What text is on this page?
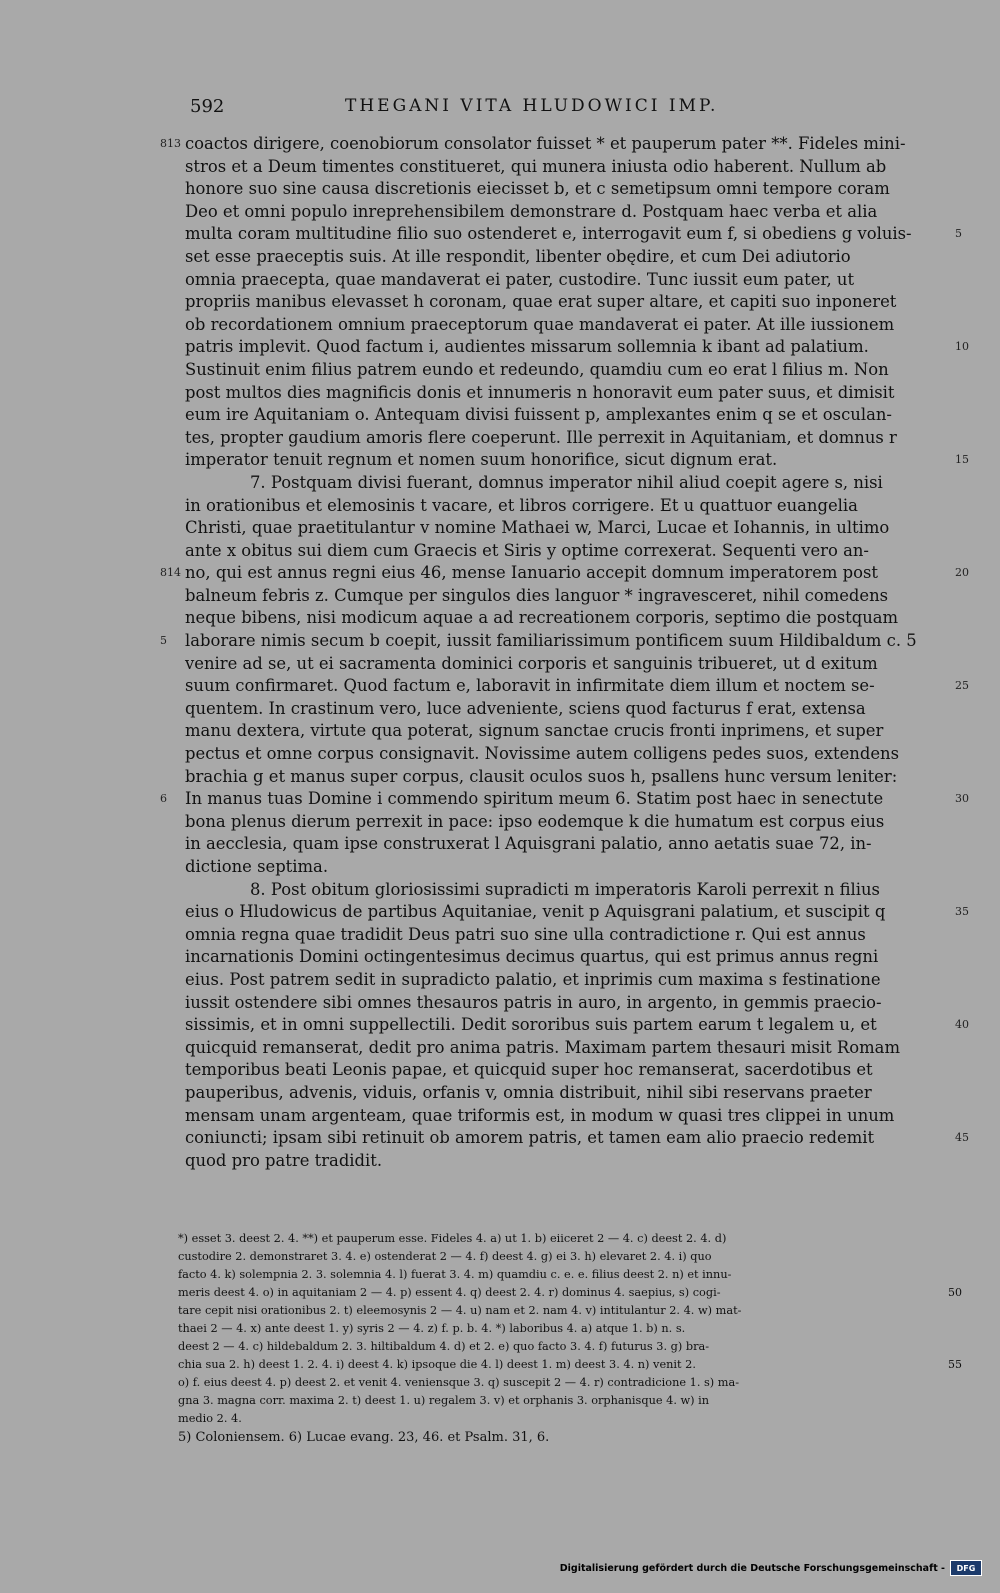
592	THEGANI VITA HLUDOWICI IMP.
coactos dirigere, coenobiorum consolator fuisset * et pauperum pater **. Fideles mini-
813
stros et a Deum timentes constitueret, qui munera iniusta odio haberent. Nullum ab
honore suo sine causa discretionis eiecisset b, et c semetipsum omni tempore coram
Deo et omni populo inreprehensibilem demonstrare d. Postquam haec verba et alia
multa coram multitudine filio suo ostenderet e, interrogavit eum f, si obediens g voluis-	5
set esse praeceptis suis. At ille respondit, libenter obędire, et cum Dei adiutorio
omnia praecepta, quae mandaverat ei pater, custodire. Tunc iussit eum pater, ut
propriis manibus elevasset h coronam, quae erat super altare, et capiti suo inponeret
ob recordationem omnium praeceptorum quae mandaverat ei pater. At ille iussionem
patris implevit. Quod factum i, audientes missarum sollemnia k ibant ad palatium.	10
Sustinuit enim filius patrem eundo et redeundo, quamdiu cum eo erat l filius m. Non
post multos dies magnificis donis et innumeris n honoravit eum pater suus, et dimisit
eum ire Aquitaniam o. Antequam divisi fuissent p, amplexantes enim q se et osculan-
tes, propter gaudium amoris flere coeperunt. Ille perrexit in Aquitaniam, et domnus r
imperator tenuit regnum et nomen suum honorifice, sicut dignum erat.	15
7. Postquam divisi fuerant, domnus imperator nihil aliud coepit agere s, nisi
in orationibus et elemosinis t vacare, et libros corrigere. Et u quattuor euangelia
Christi, quae praetitulantur v nomine Mathaei w, Marci, Lucae et Iohannis, in ultimo
ante x obitus sui diem cum Graecis et Siris y optime correxerat. Sequenti vero an-
no, qui est annus regni eius 46, mense Ianuario accepit domnum imperatorem post
814	20
balneum febris z. Cumque per singulos dies languor * ingravesceret, nihil comedens
neque bibens, nisi modicum aquae a ad recreationem corporis, septimo die postquam
laborare nimis secum b coepit, iussit familiarissimum pontificem suum Hildibaldum c. 5
5
venire ad se, ut ei sacramenta dominici corporis et sanguinis tribueret, ut d exitum
suum confirmaret. Quod factum e, laboravit in infirmitate diem illum et noctem se-	25
quentem. In crastinum vero, luce adveniente, sciens quod facturus f erat, extensa
manu dextera, virtute qua poterat, signum sanctae crucis fronti inprimens, et super
pectus et omne corpus consignavit. Novissime autem colligens pedes suos, extendens
brachia g et manus super corpus, clausit oculos suos h, psallens hunc versum leniter:
In manus tuas Domine i commendo spiritum meum 6. Statim post haec in senectute
6	30
bona plenus dierum perrexit in pace: ipso eodemque k die humatum est corpus eius
in aecclesia, quam ipse construxerat l Aquisgrani palatio, anno aetatis suae 72, in-
dictione septima.
8. Post obitum gloriosissimi supradicti m imperatoris Karoli perrexit n filius
eius o Hludowicus de partibus Aquitaniae, venit p Aquisgrani palatium, et suscipit q	35
omnia regna quae tradidit Deus patri suo sine ulla contradictione r. Qui est annus
incarnationis Domini octingentesimus decimus quartus, qui est primus annus regni
eius. Post patrem sedit in supradicto palatio, et inprimis cum maxima s festinatione
iussit ostendere sibi omnes thesauros patris in auro, in argento, in gemmis praecio-
sissimis, et in omni suppellectili. Dedit sororibus suis partem earum t legalem u, et	40
quicquid remanserat, dedit pro anima patris. Maximam partem thesauri misit Romam
temporibus beati Leonis papae, et quicquid super hoc remanserat, sacerdotibus et
pauperibus, advenis, viduis, orfanis v, omnia distribuit, nihil sibi reservans praeter
mensam unam argenteam, quae triformis est, in modum w quasi tres clippei in unum
coniuncti; ipsam sibi retinuit ob amorem patris, et tamen eam alio praecio redemit	45
quod pro patre tradidit.
*) esset 3. deest 2. 4. **) et pauperum esse. Fideles 4. a) ut 1. b) eiiceret 2 — 4. c) deest 2. 4. d)
custodire 2. demonstraret 3. 4. e) ostenderat 2 — 4. f) deest 4. g) ei 3. h) elevaret 2. 4. i) quo
facto 4. k) solempnia 2. 3. solemnia 4. l) fuerat 3. 4. m) quamdiu c. e. e. filius deest 2. n) et innu-
meris deest 4. o) in aquitaniam 2 — 4. p) essent 4. q) deest 2. 4. r) dominus 4. saepius, s) cogi-	50
tare cepit nisi orationibus 2. t) eleemosynis 2 — 4. u) nam et 2. nam 4. v) intitulantur 2. 4. w) mat-
thaei 2 — 4. x) ante deest 1. y) syris 2 — 4. z) f. p. b. 4. *) laboribus 4. a) atque 1. b) n. s.
deest 2 — 4. c) hildebaldum 2. 3. hiltibaldum 4. d) et 2. e) quo facto 3. 4. f) futurus 3. g) bra-
chia sua 2. h) deest 1. 2. 4. i) deest 4. k) ipsoque die 4. l) deest 1. m) deest 3. 4. n) venit 2.	55
o) f. eius deest 4. p) deest 2. et venit 4. veniensque 3. q) suscepit 2 — 4. r) contradicione 1. s) ma-
gna 3. magna corr. maxima 2. t) deest 1. u) regalem 3. v) et orphanis 3. orphanisque 4. w) in
medio 2. 4.
5) Coloniensem. 6) Lucae evang. 23, 46. et Psalm. 31, 6.
Digitalisierung gefördert durch die Deutsche Forschungsgemeinschaft -	DFG
